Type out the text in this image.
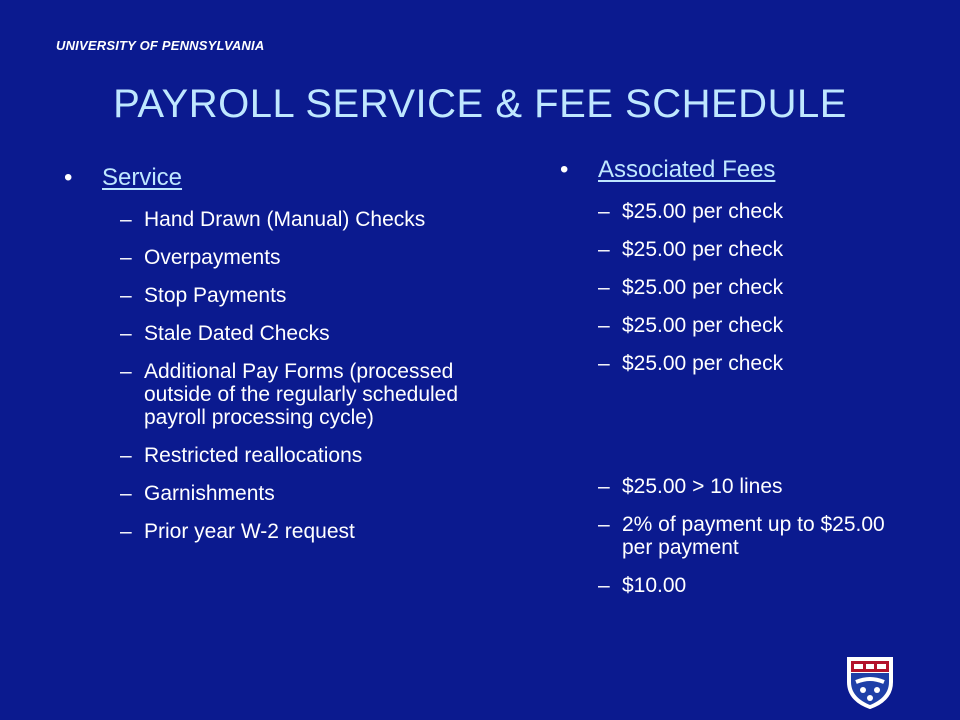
UNIVERSITY OF PENNSYLVANIA
PAYROLL SERVICE & FEE SCHEDULE
• Service
– Hand Drawn (Manual) Checks
– Overpayments
– Stop Payments
– Stale Dated Checks
– Additional Pay Forms (processed outside of the regularly scheduled payroll processing cycle)
– Restricted reallocations
– Garnishments
– Prior year W-2 request
• Associated Fees
– $25.00 per check
– $25.00 per check
– $25.00 per check
– $25.00 per check
– $25.00 per check
– $25.00 > 10 lines
– 2% of payment up to $25.00 per payment
– $10.00
